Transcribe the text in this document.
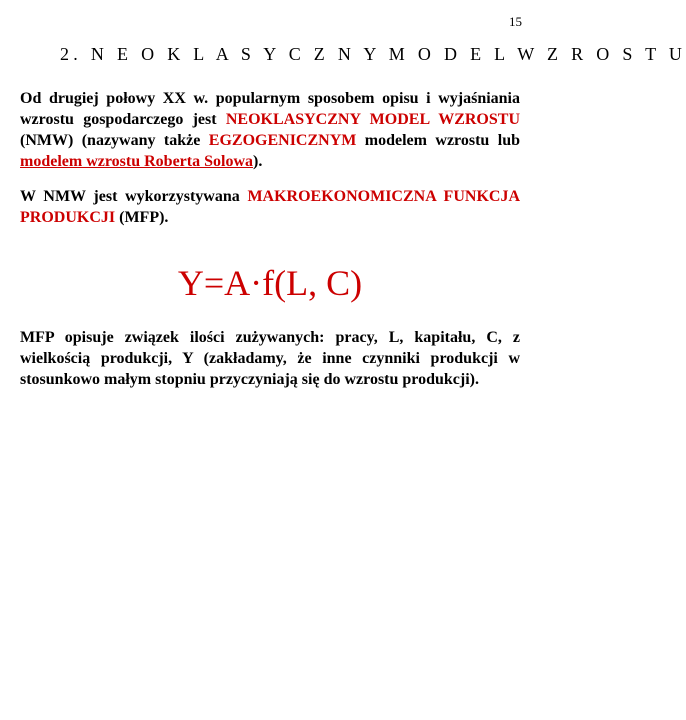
15
2. N E O K L A S Y C Z N Y M O D E L W Z R O S T U

Od drugiej połowy XX w. popularnym sposobem opisu i wyjaśniania wzrostu gospodarczego jest NEOKLASYCZNY MODEL WZROSTU (NMW) (nazywany także EGZOGENICZNYM modelem wzrostu lub modelem wzrostu Roberta Solowa).

W NMW jest wykorzystywana MAKROEKONOMICZNA FUNKCJA PRODUKCJI (MFP).

Y=A·f(L, C)

MFP opisuje związek ilości zużywanych: pracy, L, kapitału, C, z wielkością produkcji, Y (zakładamy, że inne czynniki produkcji w stosunkowo małym stopniu przyczyniają się do wzrostu produkcji).
